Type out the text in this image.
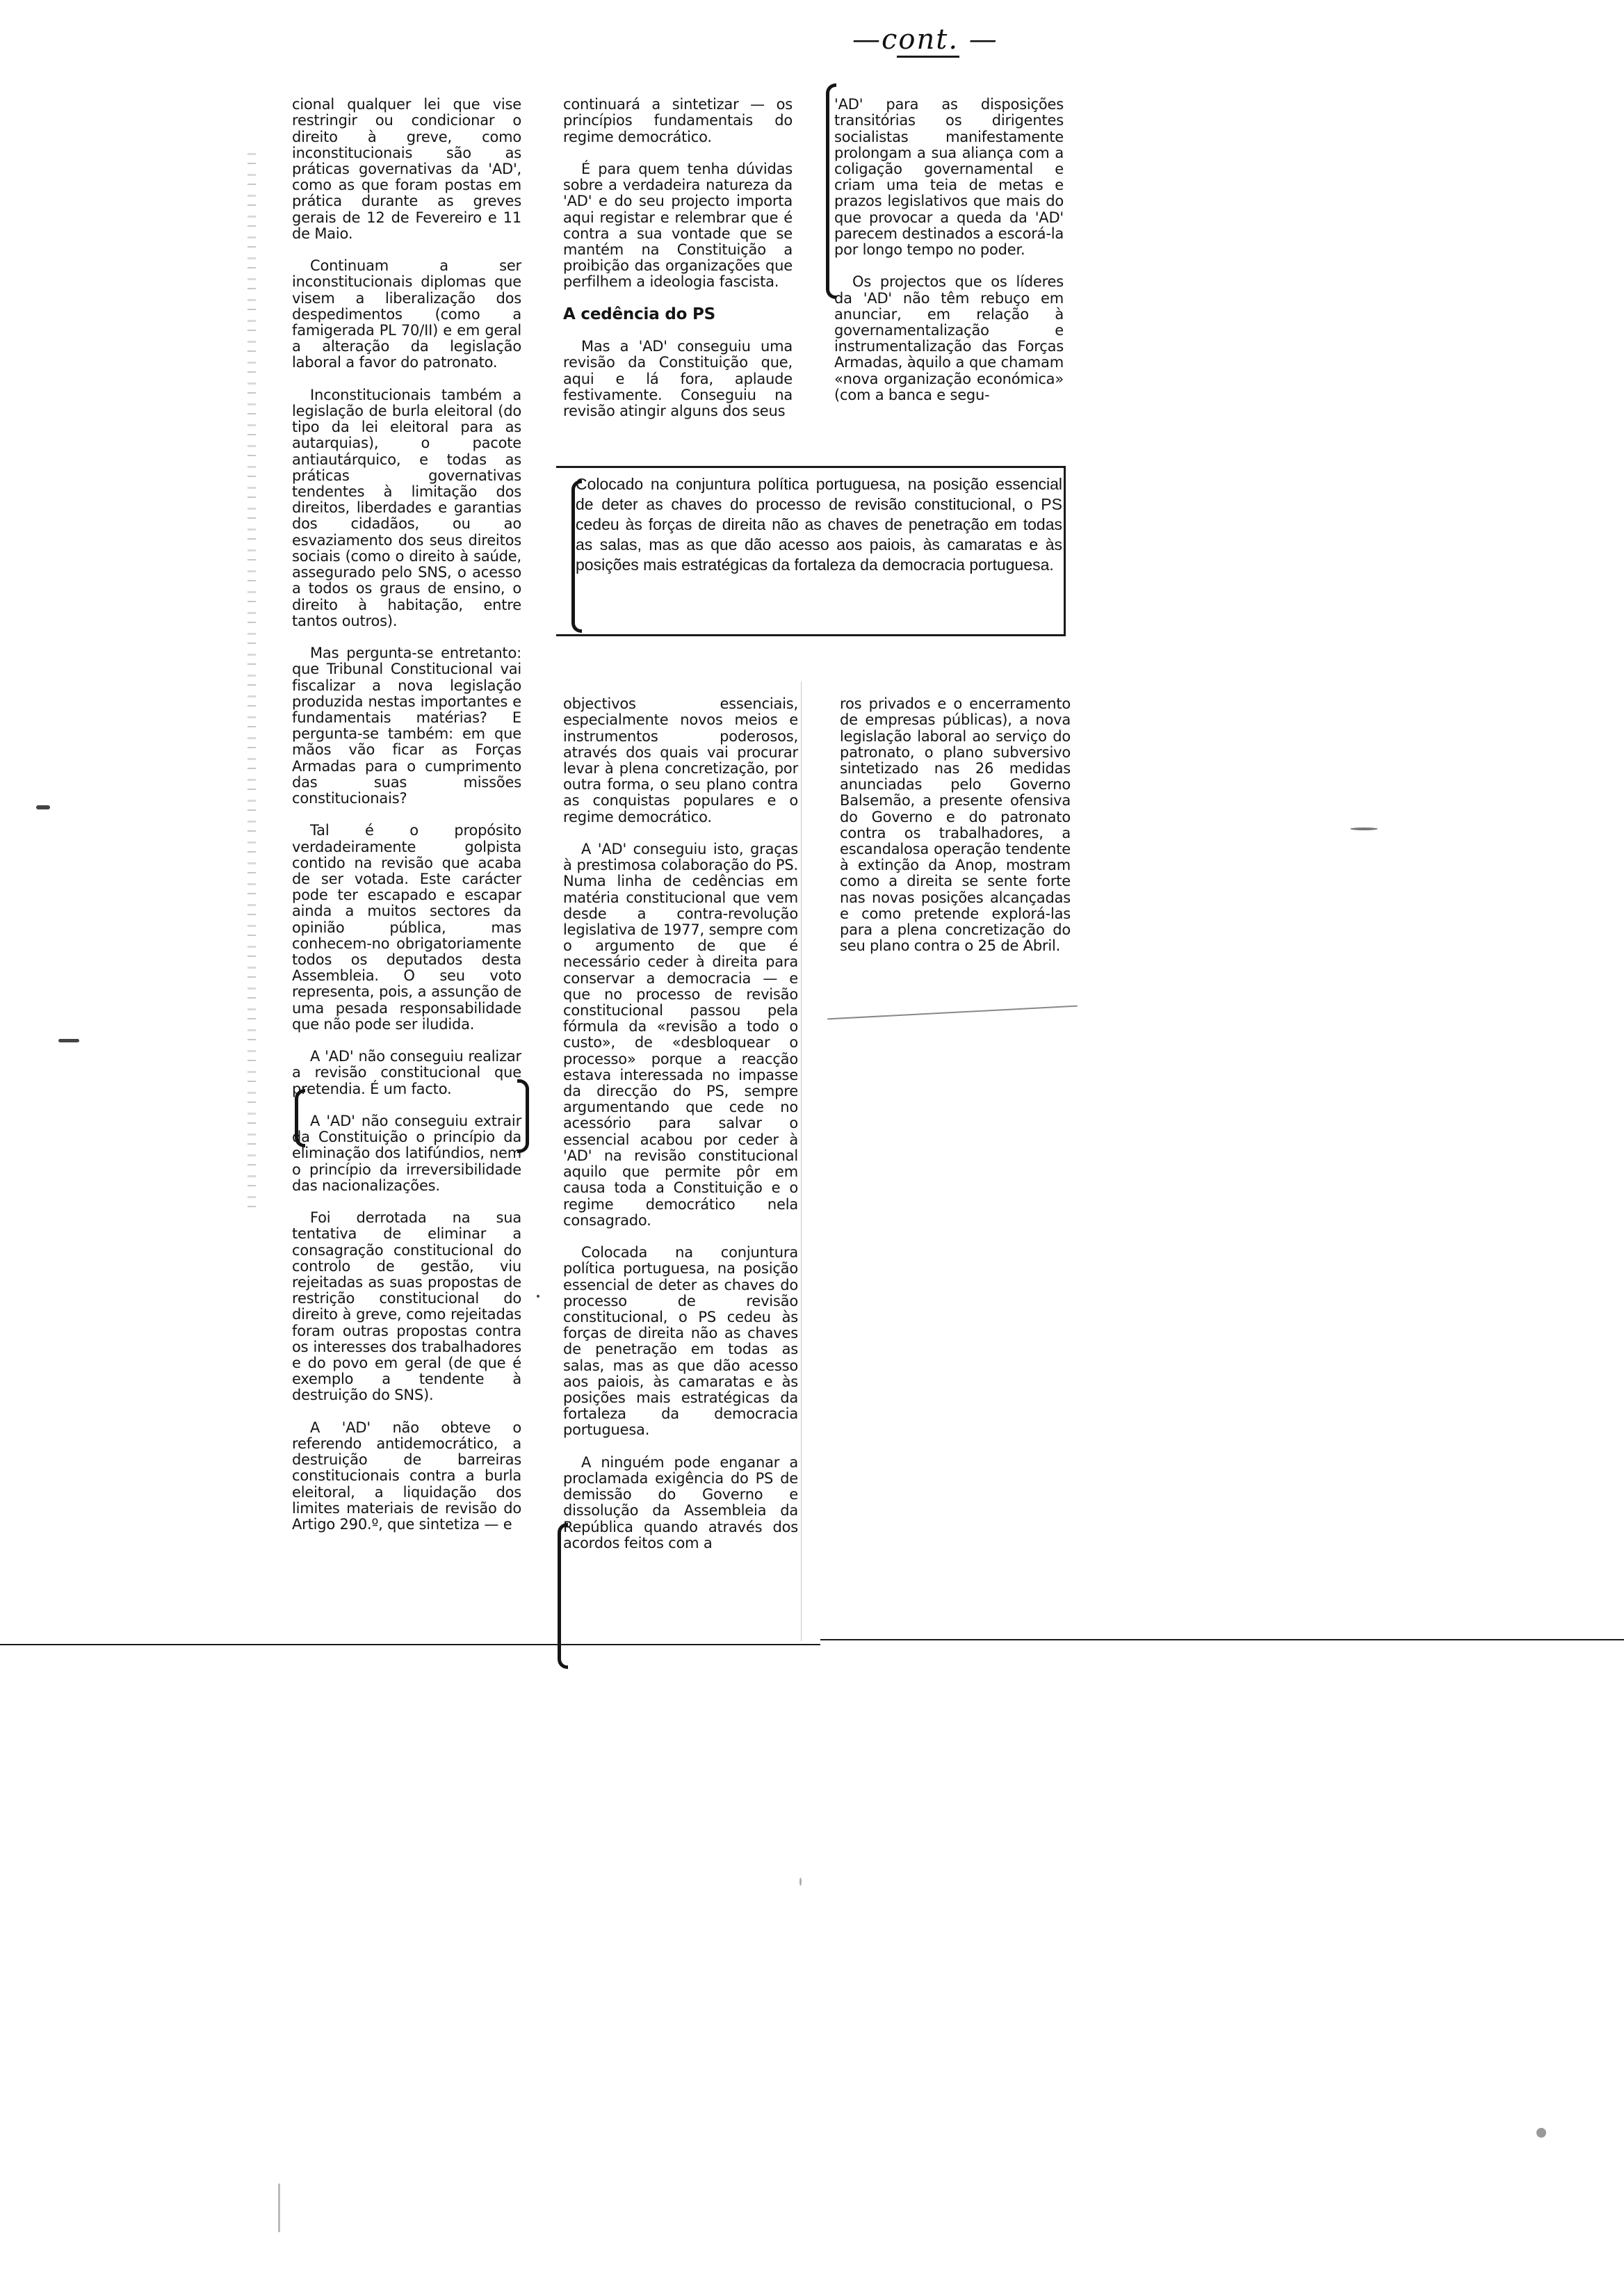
—cont. —

cional qualquer lei que vise restringir ou condicionar o direito à greve, como inconstitucionais são as práticas governativas da 'AD', como as que foram postas em prática durante as greves gerais de 12 de Fevereiro e 11 de Maio.

Continuam a ser inconstitucionais diplomas que visem a liberalização dos despedimentos (como a famigerada PL 70/II) e em geral a alteração da legislação laboral a favor do patronato.

Inconstitucionais também a legislação de burla eleitoral (do tipo da lei eleitoral para as autarquias), o pacote antiautárquico, e todas as práticas governativas tendentes à limitação dos direitos, liberdades e garantias dos cidadãos, ou ao esvaziamento dos seus direitos sociais (como o direito à saúde, assegurado pelo SNS, o acesso a todos os graus de ensino, o direito à habitação, entre tantos outros).

Mas pergunta-se entretanto: que Tribunal Constitucional vai fiscalizar a nova legislação produzida nestas importantes e fundamentais matérias? E pergunta-se também: em que mãos vão ficar as Forças Armadas para o cumprimento das suas missões constitucionais?

Tal é o propósito verdadeiramente golpista contido na revisão que acaba de ser votada. Este carácter pode ter escapado e escapar ainda a muitos sectores da opinião pública, mas conhecem-no obrigatoriamente todos os deputados desta Assembleia. O seu voto representa, pois, a assunção de uma pesada responsabilidade que não pode ser iludida.

A 'AD' não conseguiu realizar a revisão constitucional que pretendia. É um facto.

A 'AD' não conseguiu extrair da Constituição o princípio da eliminação dos latifúndios, nem o princípio da irreversibilidade das nacionalizações.

Foi derrotada na sua tentativa de eliminar a consagração constitucional do controlo de gestão, viu rejeitadas as suas propostas de restrição constitucional do direito à greve, como rejeitadas foram outras propostas contra os interesses dos trabalhadores e do povo em geral (de que é exemplo a tendente à destruição do SNS).

A 'AD' não obteve o referendo antidemocrático, a destruição de barreiras constitucionais contra a burla eleitoral, a liquidação dos limites materiais de revisão do Artigo 290.º, que sintetiza — e

continuará a sintetizar — os princípios fundamentais do regime democrático.

É para quem tenha dúvidas sobre a verdadeira natureza da 'AD' e do seu projecto importa aqui registar e relembrar que é contra a sua vontade que se mantém na Constituição a proibição das organizações que perfilhem a ideologia fascista.

A cedência do PS

Mas a 'AD' conseguiu uma revisão da Constituição que, aqui e lá fora, aplaude festivamente. Conseguiu na revisão atingir alguns dos seus

'AD' para as disposições transitórias os dirigentes socialistas manifestamente prolongam a sua aliança com a coligação governamental e criam uma teia de metas e prazos legislativos que mais do que provocar a queda da 'AD' parecem destinados a escorá-la por longo tempo no poder.

Os projectos que os líderes da 'AD' não têm rebuço em anunciar, em relação à governamentalização e instrumentalização das Forças Armadas, àquilo a que chamam «nova organização económica» (com a banca e segu-

Colocado na conjuntura política portuguesa, na posição essencial de deter as chaves do processo de revisão constitucional, o PS cedeu às forças de direita não as chaves de penetração em todas as salas, mas as que dão acesso aos paiois, às camaratas e às posições mais estratégicas da fortaleza da democracia portuguesa.

objectivos essenciais, especialmente novos meios e instrumentos poderosos, através dos quais vai procurar levar à plena concretização, por outra forma, o seu plano contra as conquistas populares e o regime democrático.

A 'AD' conseguiu isto, graças à prestimosa colaboração do PS. Numa linha de cedências em matéria constitucional que vem desde a contra-revolução legislativa de 1977, sempre com o argumento de que é necessário ceder à direita para conservar a democracia — e que no processo de revisão constitucional passou pela fórmula da «revisão a todo o custo», de «desbloquear o processo» porque a reacção estava interessada no impasse da direcção do PS, sempre argumentando que cede no acessório para salvar o essencial acabou por ceder à 'AD' na revisão constitucional aquilo que permite pôr em causa toda a Constituição e o regime democrático nela consagrado.

Colocada na conjuntura política portuguesa, na posição essencial de deter as chaves do processo de revisão constitucional, o PS cedeu às forças de direita não as chaves de penetração em todas as salas, mas as que dão acesso aos paiois, às camaratas e às posições mais estratégicas da fortaleza da democracia portuguesa.

A ninguém pode enganar a proclamada exigência do PS de demissão do Governo e dissolução da Assembleia da República quando através dos acordos feitos com a

ros privados e o encerramento de empresas públicas), a nova legislação laboral ao serviço do patronato, o plano subversivo sintetizado nas 26 medidas anunciadas pelo Governo Balsemão, a presente ofensiva do Governo e do patronato contra os trabalhadores, a escandalosa operação tendente à extinção da Anop, mostram como a direita se sente forte nas novas posições alcançadas e como pretende explorá-las para a plena concretização do seu plano contra o 25 de Abril.
